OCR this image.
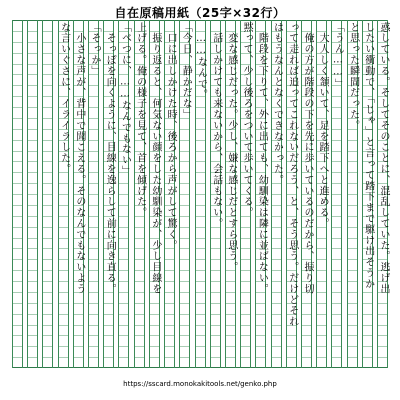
自在原稿用紙（25字×32行）
惑している。そしてそのことに、混乱していた。逃げ出
したい衝動で、「じゃ」と言って踏下まで駆け出そうか
と思った瞬間だった。
「うん……」
　大人しく頷いて、足を踏下へと進める。
　俺の方が階段の下を先に歩いているのだから、振り切
って走れば追ってこれないだろう、と、そう思う。だけどそれ
はもうなんとなくできなかった。
　階段を下りて、外に出ても、幼馴染は隣に並ばない。
黙って、少し後ろをついて歩いてくる。
　変な感じだった。少し、嫌な感じだとすら思う。
　話しかけても来ないから、会話もない。
　……なんで。
「今日、静かだな」
　口に出しかけた時、後ろから声がして驚く。
　振り返ると、何気ない顔をした幼馴染が、少し目線を
上げる。俺の様子を見て、首を傾げた。
「べつに、……なんでもない」
　そっぽを向くように、目線を逸らして前に向き直る。
「そっか」
　小さな声が、背中で聞こえる。そのなんでもないよう
な言いぐさに、イライラした。
https://sscard.monokakitools.net/genko.php
